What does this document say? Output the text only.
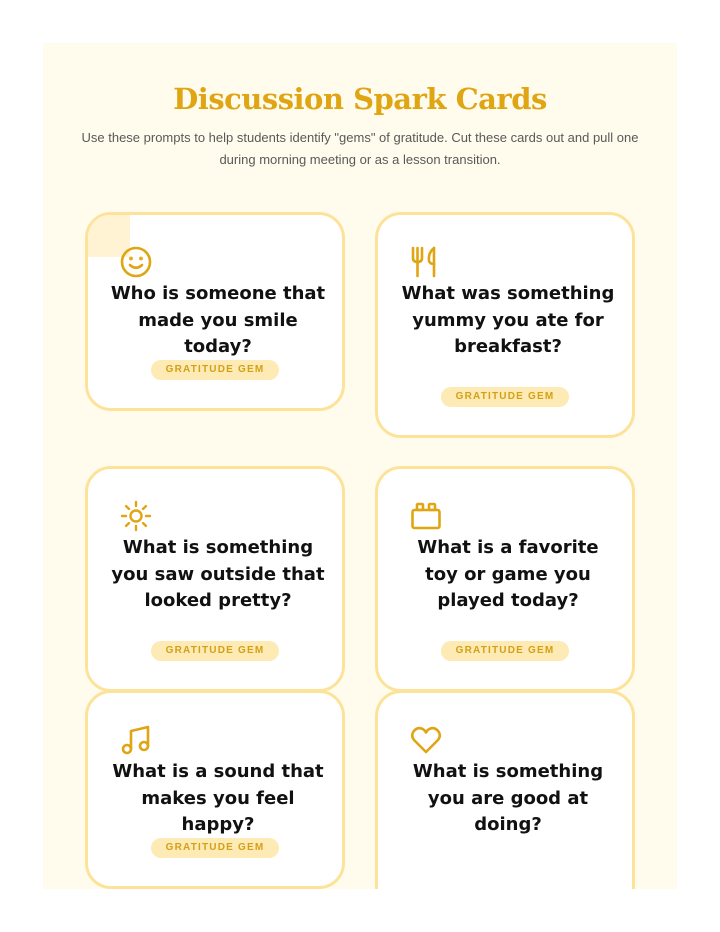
Discussion Spark Cards

Use these prompts to help students identify "gems" of gratitude. Cut these cards out and pull one during morning meeting or as a lesson transition.

Who is someone that made you smile today?

GRATITUDE GEM

What was something yummy you ate for breakfast?

GRATITUDE GEM

What is something you saw outside that looked pretty?

GRATITUDE GEM

What is a favorite toy or game you played today?

GRATITUDE GEM

What is a sound that makes you feel happy?

GRATITUDE GEM

What is something you are good at doing?
